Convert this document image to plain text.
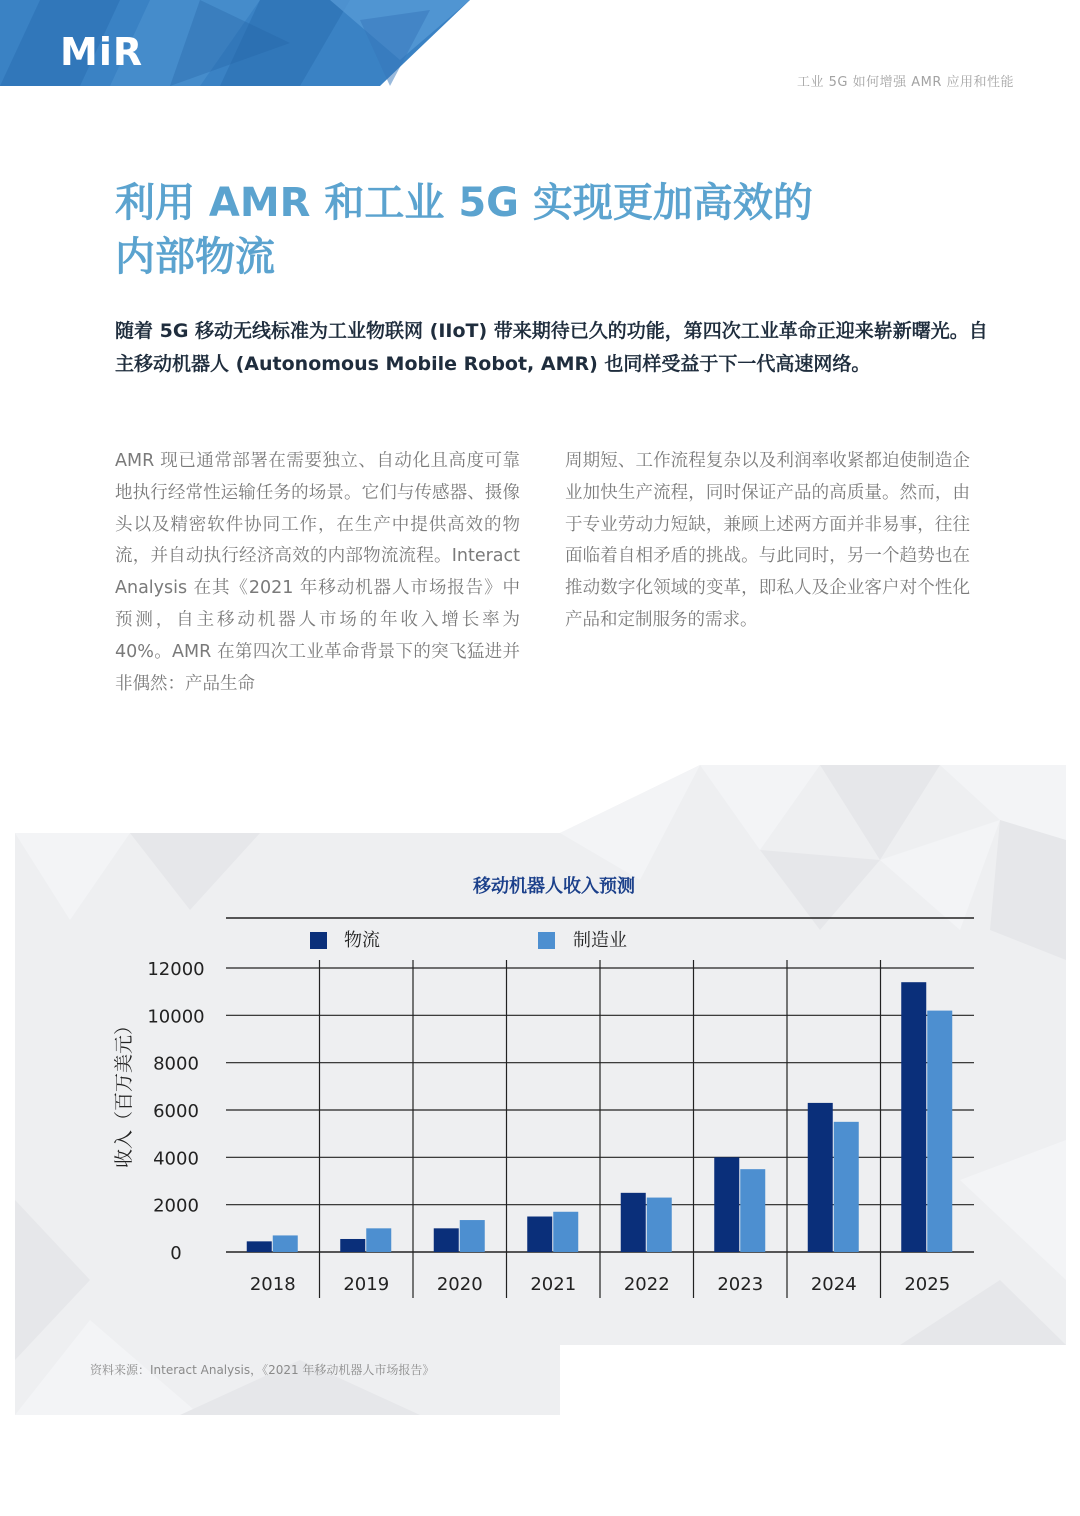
MiR
工业 5G 如何增强 AMR 应用和性能
利用 AMR 和工业 5G 实现更加高效的
内部物流

随着 5G 移动无线标准为工业物联网 (IIoT) 带来期待已久的功能，第四次工业革命正迎来崭新曙光。自主移动机器人 (Autonomous Mobile Robot, AMR) 也同样受益于下一代高速网络。

AMR 现已通常部署在需要独立、自动化且高度可靠地执行经常性运输任务的场景。它们与传感器、摄像头以及精密软件协同工作，在生产中提供高效的物流，并自动执行经济高效的内部物流流程。Interact Analysis 在其《2021 年移动机器人市场报告》中预测，自主移动机器人市场的年收入增长率为 40%。AMR 在第四次工业革命背景下的突飞猛进并非偶然：产品生命

周期短、工作流程复杂以及利润率收紧都迫使制造企业加快生产流程，同时保证产品的高质量。然而，由于专业劳动力短缺，兼顾上述两方面并非易事，往往面临着自相矛盾的挑战。与此同时，另一个趋势也在推动数字化领域的变革，即私人及企业客户对个性化产品和定制服务的需求。

0
2000
4000
6000
8000
10000
12000
2018	2019	2020	2021	2022	2023	2024	2025
移动机器人收入预测
物流	制造业
收入（百万美元）
资料来源：Interact Analysis，《2021 年移动机器人市场报告》
